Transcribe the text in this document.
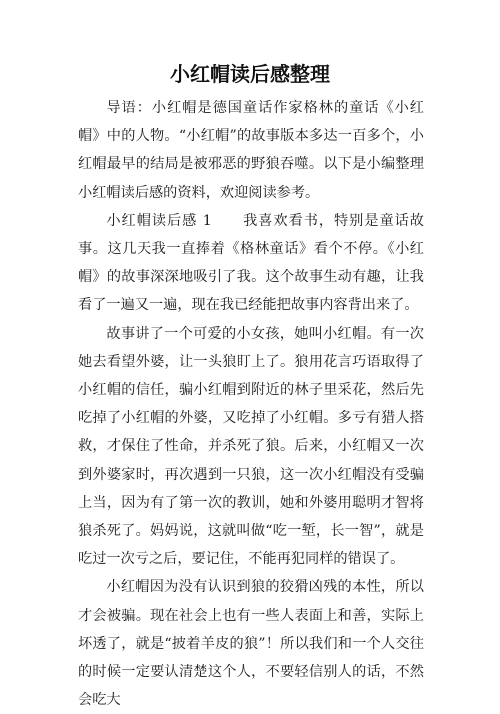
小红帽读后感整理

导语：小红帽是德国童话作家格林的童话《小红帽》中的人物。“小红帽”的故事版本多达一百多个，小红帽最早的结局是被邪恶的野狼吞噬。以下是小编整理小红帽读后感的资料，欢迎阅读参考。

小红帽读后感 1　　我喜欢看书，特别是童话故事。这几天我一直捧着《格林童话》看个不停。《小红帽》的故事深深地吸引了我。这个故事生动有趣，让我看了一遍又一遍，现在我已经能把故事内容背出来了。

故事讲了一个可爱的小女孩，她叫小红帽。有一次她去看望外婆，让一头狼盯上了。狼用花言巧语取得了小红帽的信任，骗小红帽到附近的林子里采花，然后先吃掉了小红帽的外婆，又吃掉了小红帽。多亏有猎人搭救，才保住了性命，并杀死了狼。后来，小红帽又一次到外婆家时，再次遇到一只狼，这一次小红帽没有受骗上当，因为有了第一次的教训，她和外婆用聪明才智将狼杀死了。妈妈说，这就叫做“吃一堑，长一智”，就是吃过一次亏之后，要记住，不能再犯同样的错误了。

小红帽因为没有认识到狼的狡猾凶残的本性，所以才会被骗。现在社会上也有一些人表面上和善，实际上坏透了，就是“披着羊皮的狼”！所以我们和一个人交往的时候一定要认清楚这个人，不要轻信别人的话，不然会吃大
